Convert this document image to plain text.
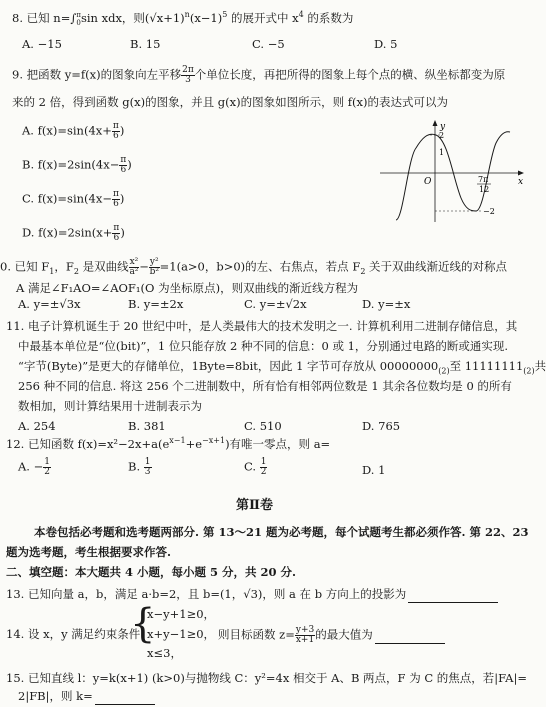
8. 已知 n=∫ π
0 sin xdx，则$(√x+1)^n(x-1)^5$ 的展开式中 $x^4$ 的系数为
A. −15	B. 15	C. −5	D. 5
9. 把函数 y=f(x)的图象向左平移 $\frac{2\pi}{3}$ 个单位长度，再把所得的图象上每个点的横、纵坐标都变为原
来的 2 倍，得到函数 g(x)的图象，并且 g(x)的图象如图所示，则 f(x)的表达式可以为
A. $f(x)=\sin(4x+ \frac{\pi}{6}$ )
B. $f(x)=2\sin(4x- \frac{\pi}{6}$ )
C. $f(x)=\sin(4x- \frac{\pi}{6}$ )
D. $f(x)=2\sin(x+ \frac{\pi}{6}$ )
y
x
O
2
1
−2
7π
12
0. 已知 $F_1$，$F_2$ 是双曲线 $\frac{\text{x²}}{\text{a²}} - \frac{\text{y²}}{\text{b²}} =1(a>0$，b>0)的左、右焦点，若点 $F_2$ 关于双曲线渐近线的对称点
A 满足∠F₁AO=∠AOF₁(O 为坐标原点)，则双曲线的渐近线方程为
A. y=±√3x	B. y=±2x	C. y=±√2x	D. y=±x
11. 电子计算机诞生于 20 世纪中叶，是人类最伟大的技术发明之一. 计算机利用二进制存储信息，其
中最基本单位是“位(bit)”，1 位只能存放 2 种不同的信息：0 或 1，分别通过电路的断或通实现.
“字节(Byte)”是更大的存储单位，1Byte=8bit，因此 1 字节可存放从 $00000000_{(2)}$至 $11111111_{(2)}$共
256 种不同的信息. 将这 256 个二进制数中，所有恰有相邻两位数是 1 其余各位数均是 0 的所有
数相加，则计算结果用十进制表示为
A. 254	B. 381	C. 510	D. 765
12. 已知函数 $f(x)=x^2-2x+a(e^{x-1}+e^{-x+1})$有唯一零点，则 a=
A. − $\frac{1}{2}$	B. $\frac{1}{3}$	C. $\frac{1}{2}$	D. 1
第Ⅱ卷
本卷包括必考题和选考题两部分. 第 13～21 题为必考题，每个试题考生都必须作答. 第 22、23
题为选考题，考生根据要求作答.
二、填空题：本大题共 4 小题，每小题 5 分，共 20 分.
13. 已知向量 a，b，满足 a·b=2，且 b=(1，√3)，则 a 在 b 方向上的投影为
14. 设 x，y 满足约束条件
{
x−y+1≥0，
x+y−1≥0，
x≤3，
则目标函数 $z= \frac{y+3}{x+1}$ 的最大值为
15. 已知直线 l：y=k(x+1) (k>0)与抛物线 C：y²=4x 相交于 A、B 两点，F 为 C 的焦点，若|FA|=
2|FB|，则 k=
